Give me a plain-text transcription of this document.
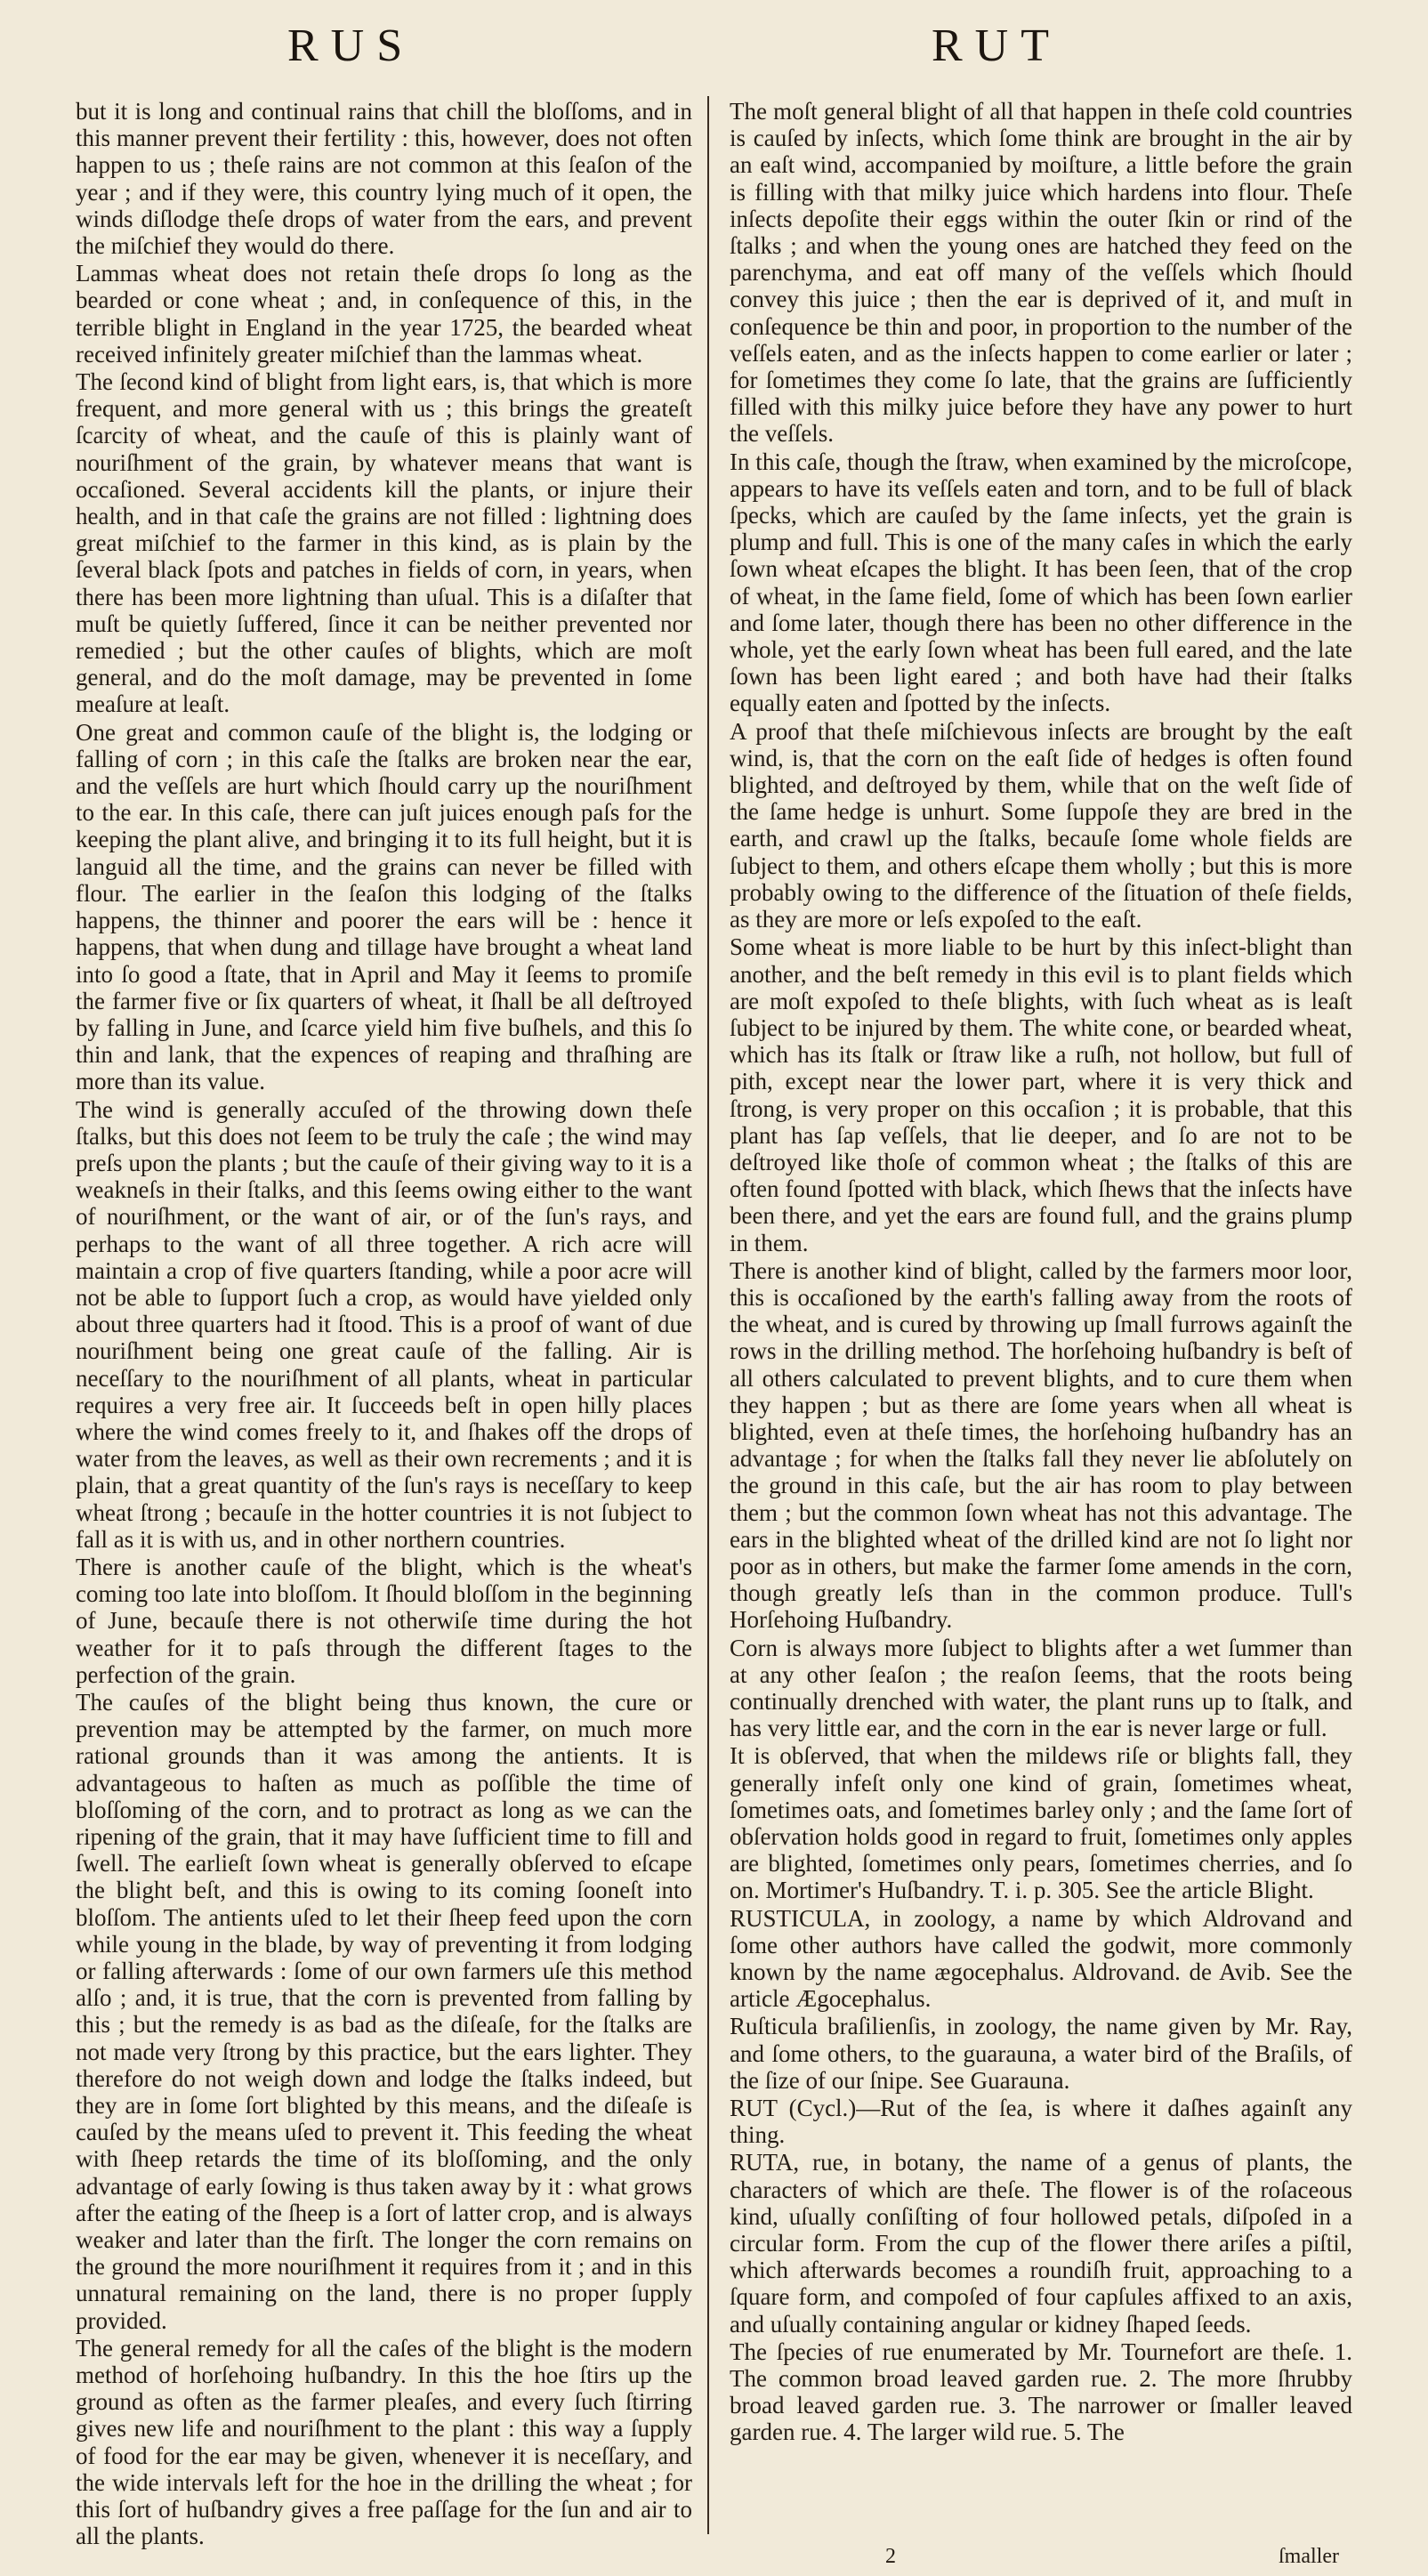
RUS	RUT

but it is long and continual rains that chill the bloſſoms, and in this manner prevent their fertility : this, however, does not often happen to us ; theſe rains are not common at this ſeaſon of the year ; and if they were, this country lying much of it open, the winds diſlodge theſe drops of water from the ears, and prevent the miſchief they would do there.

Lammas wheat does not retain theſe drops ſo long as the bearded or cone wheat ; and, in conſequence of this, in the terrible blight in England in the year 1725, the bearded wheat received infinitely greater miſchief than the lammas wheat.

The ſecond kind of blight from light ears, is, that which is more frequent, and more general with us ; this brings the greateſt ſcarcity of wheat, and the cauſe of this is plainly want of nouriſhment of the grain, by whatever means that want is occaſioned. Several accidents kill the plants, or injure their health, and in that caſe the grains are not filled : lightning does great miſchief to the farmer in this kind, as is plain by the ſeveral black ſpots and patches in fields of corn, in years, when there has been more lightning than uſual. This is a diſaſter that muſt be quietly ſuffered, ſince it can be neither prevented nor remedied ; but the other cauſes of blights, which are moſt general, and do the moſt damage, may be prevented in ſome meaſure at leaſt.

One great and common cauſe of the blight is, the lodging or falling of corn ; in this caſe the ſtalks are broken near the ear, and the veſſels are hurt which ſhould carry up the nouriſhment to the ear. In this caſe, there can juſt juices enough paſs for the keeping the plant alive, and bringing it to its full height, but it is languid all the time, and the grains can never be filled with flour. The earlier in the ſeaſon this lodging of the ſtalks happens, the thinner and poorer the ears will be : hence it happens, that when dung and tillage have brought a wheat land into ſo good a ſtate, that in April and May it ſeems to promiſe the farmer five or ſix quarters of wheat, it ſhall be all deſtroyed by falling in June, and ſcarce yield him five buſhels, and this ſo thin and lank, that the expences of reaping and thraſhing are more than its value.

The wind is generally accuſed of the throwing down theſe ſtalks, but this does not ſeem to be truly the caſe ; the wind may preſs upon the plants ; but the cauſe of their giving way to it is a weakneſs in their ſtalks, and this ſeems owing either to the want of nouriſhment, or the want of air, or of the ſun's rays, and perhaps to the want of all three together. A rich acre will maintain a crop of five quarters ſtanding, while a poor acre will not be able to ſupport ſuch a crop, as would have yielded only about three quarters had it ſtood. This is a proof of want of due nouriſhment being one great cauſe of the falling. Air is neceſſary to the nouriſhment of all plants, wheat in particular requires a very free air. It ſucceeds beſt in open hilly places where the wind comes freely to it, and ſhakes off the drops of water from the leaves, as well as their own recrements ; and it is plain, that a great quantity of the ſun's rays is neceſſary to keep wheat ſtrong ; becauſe in the hotter countries it is not ſubject to fall as it is with us, and in other northern countries.

There is another cauſe of the blight, which is the wheat's coming too late into bloſſom. It ſhould bloſſom in the beginning of June, becauſe there is not otherwiſe time during the hot weather for it to paſs through the different ſtages to the perfection of the grain.

The cauſes of the blight being thus known, the cure or prevention may be attempted by the farmer, on much more rational grounds than it was among the antients. It is advantageous to haſten as much as poſſible the time of bloſſoming of the corn, and to protract as long as we can the ripening of the grain, that it may have ſufficient time to fill and ſwell. The earlieſt ſown wheat is generally obſerved to eſcape the blight beſt, and this is owing to its coming ſooneſt into bloſſom. The antients uſed to let their ſheep feed upon the corn while young in the blade, by way of preventing it from lodging or falling afterwards : ſome of our own farmers uſe this method alſo ; and, it is true, that the corn is prevented from falling by this ; but the remedy is as bad as the diſeaſe, for the ſtalks are not made very ſtrong by this practice, but the ears lighter. They therefore do not weigh down and lodge the ſtalks indeed, but they are in ſome ſort blighted by this means, and the diſeaſe is cauſed by the means uſed to prevent it. This feeding the wheat with ſheep retards the time of its bloſſoming, and the only advantage of early ſowing is thus taken away by it : what grows after the eating of the ſheep is a ſort of latter crop, and is always weaker and later than the firſt. The longer the corn remains on the ground the more nouriſhment it requires from it ; and in this unnatural remaining on the land, there is no proper ſupply provided.

The general remedy for all the caſes of the blight is the modern method of horſehoing huſbandry. In this the hoe ſtirs up the ground as often as the farmer pleaſes, and every ſuch ſtirring gives new life and nouriſhment to the plant : this way a ſupply of food for the ear may be given, whenever it is neceſſary, and the wide intervals left for the hoe in the drilling the wheat ; for this ſort of huſbandry gives a free paſſage for the ſun and air to all the plants.

The moſt general blight of all that happen in theſe cold countries is cauſed by inſects, which ſome think are brought in the air by an eaſt wind, accompanied by moiſture, a little before the grain is filling with that milky juice which hardens into flour. Theſe inſects depoſite their eggs within the outer ſkin or rind of the ſtalks ; and when the young ones are hatched they feed on the parenchyma, and eat off many of the veſſels which ſhould convey this juice ; then the ear is deprived of it, and muſt in conſequence be thin and poor, in proportion to the number of the veſſels eaten, and as the inſects happen to come earlier or later ; for ſometimes they come ſo late, that the grains are ſufficiently filled with this milky juice before they have any power to hurt the veſſels.

In this caſe, though the ſtraw, when examined by the microſcope, appears to have its veſſels eaten and torn, and to be full of black ſpecks, which are cauſed by the ſame inſects, yet the grain is plump and full. This is one of the many caſes in which the early ſown wheat eſcapes the blight. It has been ſeen, that of the crop of wheat, in the ſame field, ſome of which has been ſown earlier and ſome later, though there has been no other difference in the whole, yet the early ſown wheat has been full eared, and the late ſown has been light eared ; and both have had their ſtalks equally eaten and ſpotted by the inſects.

A proof that theſe miſchievous inſects are brought by the eaſt wind, is, that the corn on the eaſt ſide of hedges is often found blighted, and deſtroyed by them, while that on the weſt ſide of the ſame hedge is unhurt. Some ſuppoſe they are bred in the earth, and crawl up the ſtalks, becauſe ſome whole fields are ſubject to them, and others eſcape them wholly ; but this is more probably owing to the difference of the ſituation of theſe fields, as they are more or leſs expoſed to the eaſt.

Some wheat is more liable to be hurt by this inſect-blight than another, and the beſt remedy in this evil is to plant fields which are moſt expoſed to theſe blights, with ſuch wheat as is leaſt ſubject to be injured by them. The white cone, or bearded wheat, which has its ſtalk or ſtraw like a ruſh, not hollow, but full of pith, except near the lower part, where it is very thick and ſtrong, is very proper on this occaſion ; it is probable, that this plant has ſap veſſels, that lie deeper, and ſo are not to be deſtroyed like thoſe of common wheat ; the ſtalks of this are often found ſpotted with black, which ſhews that the inſects have been there, and yet the ears are found full, and the grains plump in them.

There is another kind of blight, called by the farmers moor loor, this is occaſioned by the earth's falling away from the roots of the wheat, and is cured by throwing up ſmall furrows againſt the rows in the drilling method. The horſehoing huſbandry is beſt of all others calculated to prevent blights, and to cure them when they happen ; but as there are ſome years when all wheat is blighted, even at theſe times, the horſehoing huſbandry has an advantage ; for when the ſtalks fall they never lie abſolutely on the ground in this caſe, but the air has room to play between them ; but the common ſown wheat has not this advantage. The ears in the blighted wheat of the drilled kind are not ſo light nor poor as in others, but make the farmer ſome amends in the corn, though greatly leſs than in the common produce. Tull's Horſehoing Huſbandry.

Corn is always more ſubject to blights after a wet ſummer than at any other ſeaſon ; the reaſon ſeems, that the roots being continually drenched with water, the plant runs up to ſtalk, and has very little ear, and the corn in the ear is never large or full.

It is obſerved, that when the mildews riſe or blights fall, they generally infeſt only one kind of grain, ſometimes wheat, ſometimes oats, and ſometimes barley only ; and the ſame ſort of obſervation holds good in regard to fruit, ſometimes only apples are blighted, ſometimes only pears, ſometimes cherries, and ſo on. Mortimer's Huſbandry. T. i. p. 305. See the article Blight.

RUSTICULA, in zoology, a name by which Aldrovand and ſome other authors have called the godwit, more commonly known by the name ægocephalus. Aldrovand. de Avib. See the article Ægocephalus.

Ruſticula braſilienſis, in zoology, the name given by Mr. Ray, and ſome others, to the guarauna, a water bird of the Braſils, of the ſize of our ſnipe. See Guarauna.

RUT (Cycl.)—Rut of the ſea, is where it daſhes againſt any thing.

RUTA, rue, in botany, the name of a genus of plants, the characters of which are theſe. The flower is of the roſaceous kind, uſually conſiſting of four hollowed petals, diſpoſed in a circular form. From the cup of the flower there ariſes a piſtil, which afterwards becomes a roundiſh fruit, approaching to a ſquare form, and compoſed of four capſules affixed to an axis, and uſually containing angular or kidney ſhaped ſeeds.

The ſpecies of rue enumerated by Mr. Tournefort are theſe. 1. The common broad leaved garden rue. 2. The more ſhrubby broad leaved garden rue. 3. The narrower or ſmaller leaved garden rue. 4. The larger wild rue. 5. The

2	ſmaller
